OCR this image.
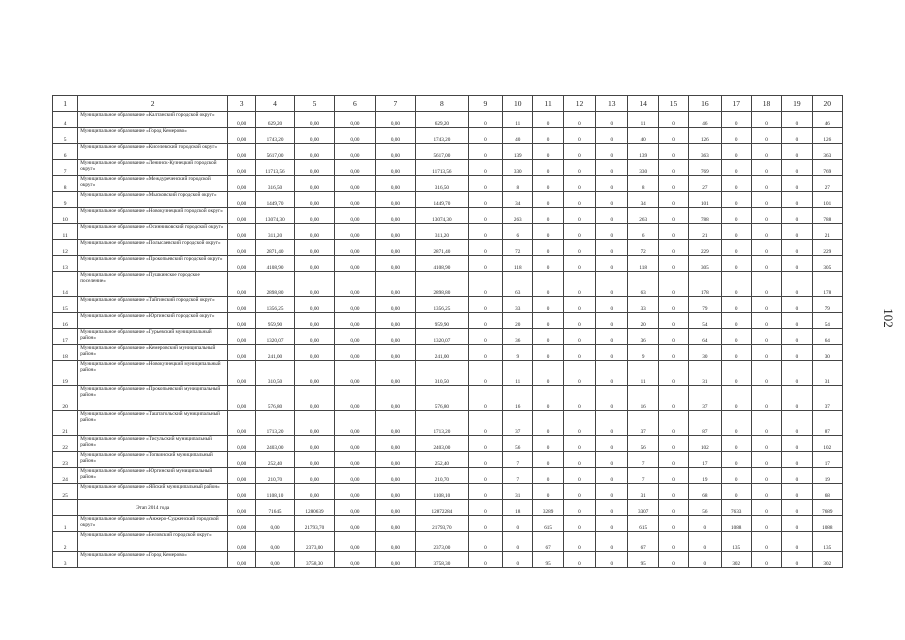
1	2	3	4	5	6	7	8	9	10	11	12	13	14	15	16	17	18	19	20
4	Муниципальное образование «Калтанский городской округ»	0,00	629,20	0,00	0,00	0,00	629,20	0	11	0	0	0	11	0	46	0	0	0	46
5	Муниципальное образование «Город Кемерово»	0,00	1743,20	0,00	0,00	0,00	1743,20	0	40	0	0	0	40	0	126	0	0	0	126
6	Муниципальное образование «Киселевский городской округ»	0,00	5617,00	0,00	0,00	0,00	5617,00	0	139	0	0	0	139	0	363	0	0	0	363
7	Муниципальное образование «Ленинск-Кузнецкий городской округ»	0,00	11713,56	0,00	0,00	0,00	11713,56	0	330	0	0	0	330	0	769	0	0	0	769
8	Муниципальное образование «Междуреченский городской округ»	0,00	316,50	0,00	0,00	0,00	316,50	0	8	0	0	0	8	0	27	0	0	0	27
9	Муниципальное образование «Мысковский городской округ»	0,00	1449,70	0,00	0,00	0,00	1449,70	0	34	0	0	0	34	0	101	0	0	0	101
10	Муниципальное образование «Новокузнецкий городской округ»	0,00	13074,30	0,00	0,00	0,00	13074,30	0	263	0	0	0	263	0	788	0	0	0	788
11	Муниципальное образование «Осинниковский городской округ»	0,00	311,20	0,00	0,00	0,00	311,20	0	6	0	0	0	6	0	21	0	0	0	21
12	Муниципальное образование «Полысаевский городской округ»	0,00	2871,40	0,00	0,00	0,00	2871,40	0	72	0	0	0	72	0	229	0	0	0	229
13	Муниципальное образование «Прокопьевский городской округ»	0,00	4108,90	0,00	0,00	0,00	4108,90	0	118	0	0	0	118	0	305	0	0	0	305
14	Муниципальное образование «Пушкинское городское поселение»	0,00	2898,80	0,00	0,00	0,00	2898,80	0	63	0	0	0	63	0	178	0	0	0	178
15	Муниципальное образование «Тайгинский городской округ»	0,00	1356,25	0,00	0,00	0,00	1356,25	0	33	0	0	0	33	0	79	0	0	0	79
16	Муниципальное образование «Юргинский городской округ»	0,00	959,90	0,00	0,00	0,00	959,90	0	20	0	0	0	20	0	54	0	0	0	54
17	Муниципальное образование «Гурьевский муниципальный район»	0,00	1320,07	0,00	0,00	0,00	1320,07	0	36	0	0	0	36	0	64	0	0	0	64
18	Муниципальное образование «Кемеровский муниципальный район»	0,00	241,00	0,00	0,00	0,00	241,00	0	9	0	0	0	9	0	30	0	0	0	30
19	Муниципальное образование «Новокузнецкий муниципальный район»	0,00	310,50	0,00	0,00	0,00	310,50	0	11	0	0	0	11	0	31	0	0	0	31
20	Муниципальное образование «Прокопьевский муниципальный район»	0,00	576,80	0,00	0,00	0,00	576,80	0	16	0	0	0	16	0	37	0	0	0	37
21	Муниципальное образование «Таштагольский муниципальный район»	0,00	1713,20	0,00	0,00	0,00	1713,20	0	37	0	0	0	37	0	87	0	0	0	87
22	Муниципальное образование «Тисульский муниципальный район»	0,00	2403,00	0,00	0,00	0,00	2403,00	0	56	0	0	0	56	0	102	0	0	0	102
23	Муниципальное образование «Топкинский муниципальный район»	0,00	252,40	0,00	0,00	0,00	252,40	0	7	0	0	0	7	0	17	0	0	0	17
24	Муниципальное образование «Юргинский муниципальный район»	0,00	210,70	0,00	0,00	0,00	210,70	0	7	0	0	0	7	0	19	0	0	0	19
25	Муниципальное образование «Яйский муниципальный район»	0,00	1108,10	0,00	0,00	0,00	1108,10	0	31	0	0	0	31	0	68	0	0	0	68
	Этап 2014 года	0,00	71645	1280639	0,00	0,00	12872284	0	18	3289	0	0	3307	0	56	7633	0	0	7689
1	Муниципальное образование «Анжеро-Судженский городской округ»	0,00	0,00	21793,70	0,00	0,00	21793,70	0	0	615	0	0	615	0	0	1088	0	0	1088
2	Муниципальное образование «Беловский городской округ»	0,00	0,00	2373,00	0,00	0,00	2373,00	0	0	67	0	0	67	0	0	135	0	0	135
3	Муниципальное образование «Город Кемерово»	0,00	0,00	3758,30	0,00	0,00	3758,30	0	0	95	0	0	95	0	0	302	0	0	302
102
